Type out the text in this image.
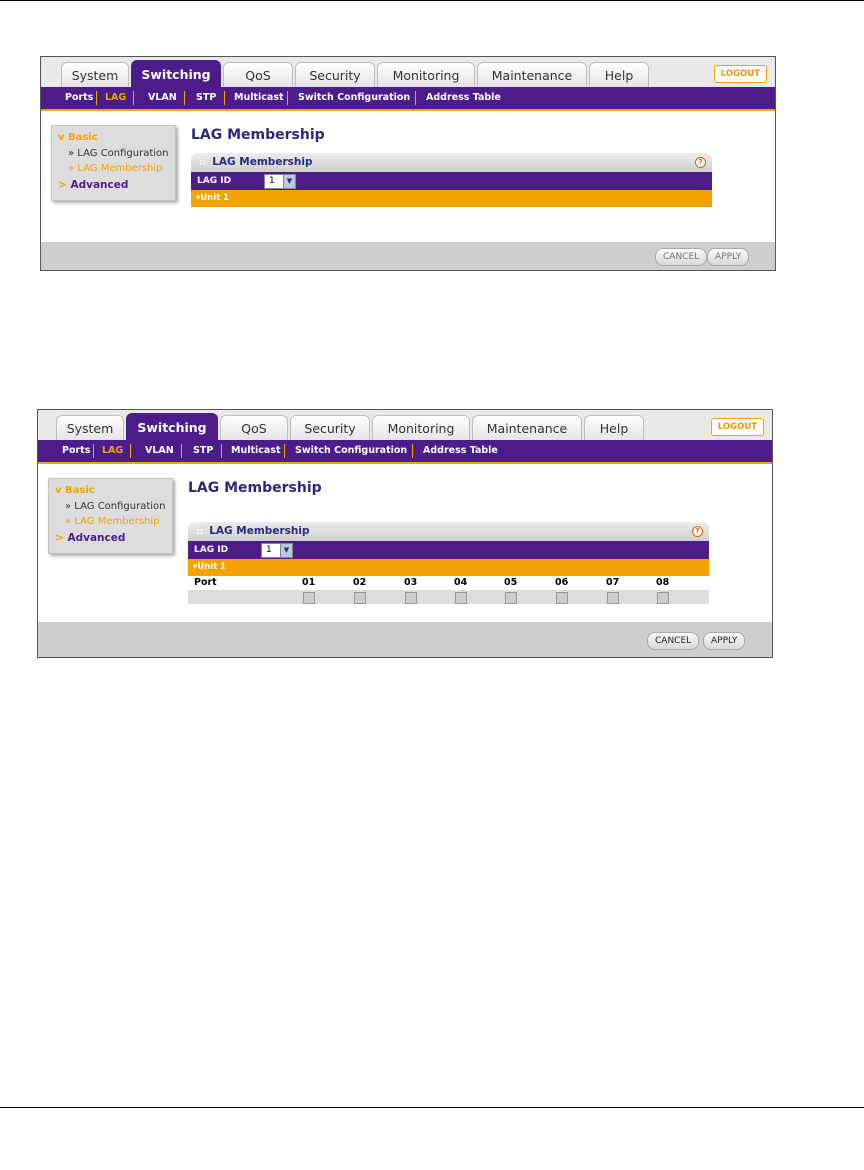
System	Switching	QoS	Security	Monitoring	Maintenance	Help	LOGOUT
Ports LAG VLAN STP Multicast Switch Configuration Address Table
v Basic
» LAG Configuration
» LAG Membership
> Advanced
LAG Membership
:: LAG Membership	?
LAG ID	1	▼
▾Unit 1
CANCEL	APPLY
System	Switching	QoS	Security	Monitoring	Maintenance	Help	LOGOUT
Ports LAG VLAN STP Multicast Switch Configuration Address Table
v Basic
» LAG Configuration
» LAG Membership
> Advanced
LAG Membership
:: LAG Membership	?
LAG ID	1	▼
▾Unit 1
Port	01	02	03	04	05	06	07	08
CANCEL	APPLY
